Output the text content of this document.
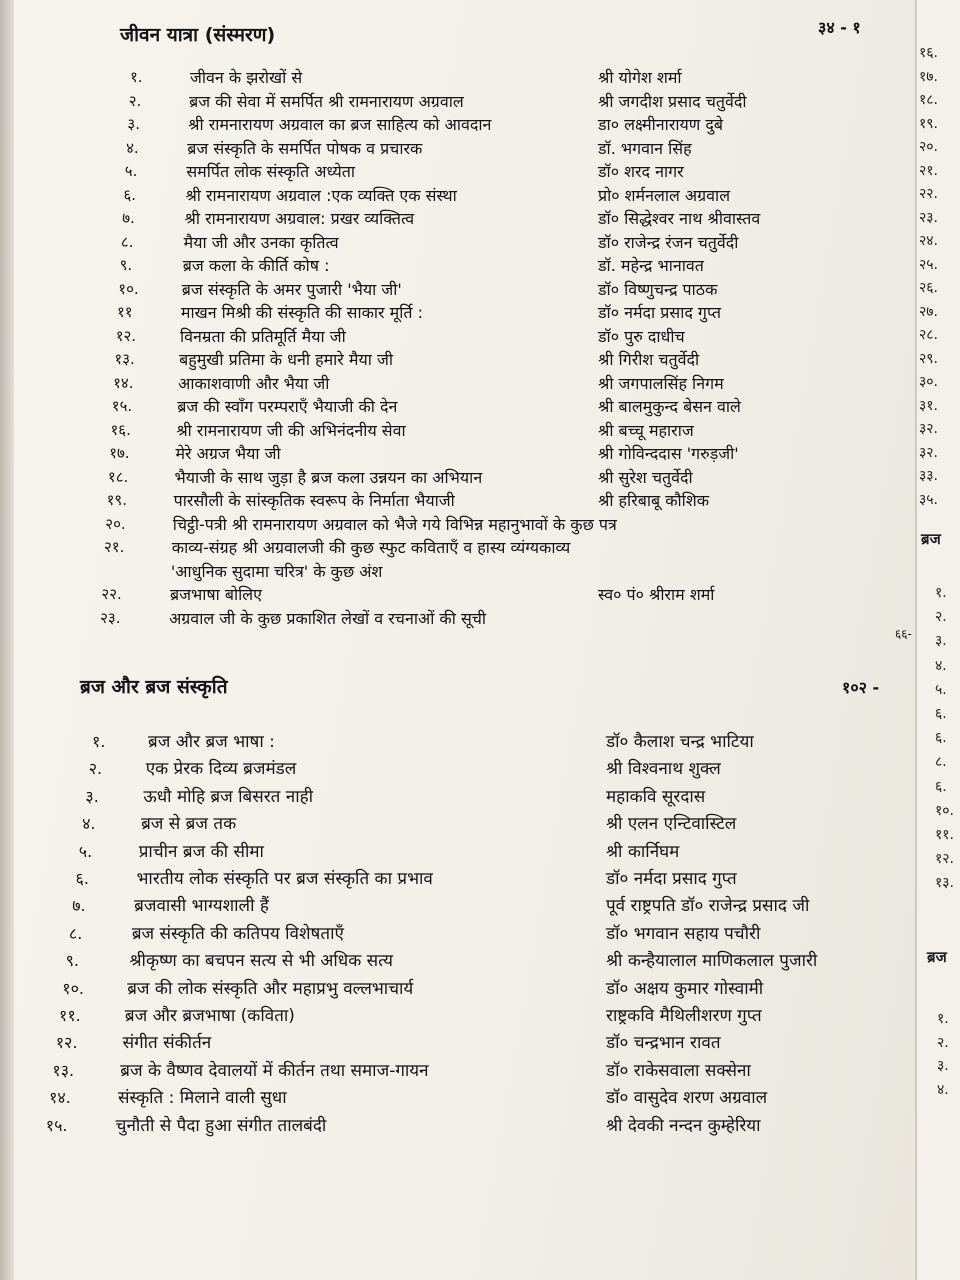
जीवन यात्रा (संस्मरण)	३४ - १
१.	जीवन के झरोखों से	श्री योगेश शर्मा
२.	ब्रज की सेवा में समर्पित श्री रामनारायण अग्रवाल	श्री जगदीश प्रसाद चतुर्वेदी
३.	श्री रामनारायण अग्रवाल का ब्रज साहित्य को आवदान	डा० लक्ष्मीनारायण दुबे
४.	ब्रज संस्कृति के समर्पित पोषक व प्रचारक	डॉ. भगवान सिंह
५.	समर्पित लोक संस्कृति अध्येता	डॉ० शरद नागर
६.	श्री रामनारायण अग्रवाल :एक व्यक्ति एक संस्था	प्रो० शर्मनलाल अग्रवाल
७.	श्री रामनारायण अग्रवाल: प्रखर व्यक्तित्व	डॉ० सिद्धेश्वर नाथ श्रीवास्तव
८.	मैया जी और उनका कृतित्व	डॉ० राजेन्द्र रंजन चतुर्वेदी
९.	ब्रज कला के कीर्ति कोष :	डॉ. महेन्द्र भानावत
१०.	ब्रज संस्कृति के अमर पुजारी 'भैया जी'	डॉ० विष्णुचन्द्र पाठक
११	माखन मिश्री की संस्कृति की साकार मूर्ति :	डॉ० नर्मदा प्रसाद गुप्त
१२.	विनम्रता की प्रतिमूर्ति मैया जी	डॉ० पुरु दाधीच
१३.	बहुमुखी प्रतिमा के धनी हमारे मैया जी	श्री गिरीश चतुर्वेदी
१४.	आकाशवाणी और भैया जी	श्री जगपालसिंह निगम
१५.	ब्रज की स्वाँग परम्पराएँ भैयाजी की देन	श्री बालमुकुन्द बेसन वाले
१६.	श्री रामनारायण जी की अभिनंदनीय सेवा	श्री बच्चू महाराज
१७.	मेरे अग्रज भैया जी	श्री गोविन्ददास 'गरुड़जी'
१८.	भैयाजी के साथ जुड़ा है ब्रज कला उन्नयन का अभियान	श्री सुरेश चतुर्वेदी
१९.	पारसौली के सांस्कृतिक स्वरूप के निर्माता भैयाजी	श्री हरिबाबू कौशिक
२०.	चिट्ठी-पत्री श्री रामनारायण अग्रवाल को भैजे गये विभिन्न महानुभावों के कुछ पत्र
२१.	काव्य-संग्रह श्री अग्रवालजी की कुछ स्फुट कविताएँ व हास्य व्यंग्यकाव्य
'आधुनिक सुदामा चरित्र' के कुछ अंश
२२.	ब्रजभाषा बोलिए	स्व० पं० श्रीराम शर्मा
२३.	अग्रवाल जी के कुछ प्रकाशित लेखों व रचनाओं की सूची
६६-
ब्रज और ब्रज संस्कृति	१०२ -
१.	ब्रज और ब्रज भाषा :	डॉ० कैलाश चन्द्र भाटिया
२.	एक प्रेरक दिव्य ब्रजमंडल	श्री विश्वनाथ शुक्ल
३.	ऊधौ मोहि ब्रज बिसरत नाही	महाकवि सूरदास
४.	ब्रज से ब्रज तक	श्री एलन एन्टिवास्टिल
५.	प्राचीन ब्रज की सीमा	श्री कार्निघम
६.	भारतीय लोक संस्कृति पर ब्रज संस्कृति का प्रभाव	डॉ० नर्मदा प्रसाद गुप्त
७.	ब्रजवासी भाग्यशाली हैं	पूर्व राष्ट्रपति डॉ० राजेन्द्र प्रसाद जी
८.	ब्रज संस्कृति की कतिपय विशेषताएँ	डॉ० भगवान सहाय पचौरी
९.	श्रीकृष्ण का बचपन सत्य से भी अधिक सत्य	श्री कन्हैयालाल माणिकलाल पुजारी
१०.	ब्रज की लोक संस्कृति और महाप्रभु वल्लभाचार्य	डॉ० अक्षय कुमार गोस्वामी
११.	ब्रज और ब्रजभाषा (कविता)	राष्ट्रकवि मैथिलीशरण गुप्त
१२.	संगीत संकीर्तन	डॉ० चन्द्रभान रावत
१३.	ब्रज के वैष्णव देवालयों में कीर्तन तथा समाज-गायन	डॉ० राकेसवाला सक्सेना
१४.	संस्कृति : मिलाने वाली सुधा	डॉ० वासुदेव शरण अग्रवाल
१५.	चुनौती से पैदा हुआ संगीत तालबंदी	श्री देवकी नन्दन कुम्हेरिया
१६.
१७.
१८.
१९.
२०.
२१.
२२.
२३.
२४.
२५.
२६.
२७.
२८.
२९.
३०.
३१.
३२.
३२.
३३.
३५.
ब्रज
१.
२.
३.
४.
५.
६.
६.
८.
६.
१०.
११.
१२.
१३.
ब्रज
१.
२.
३.
४.
